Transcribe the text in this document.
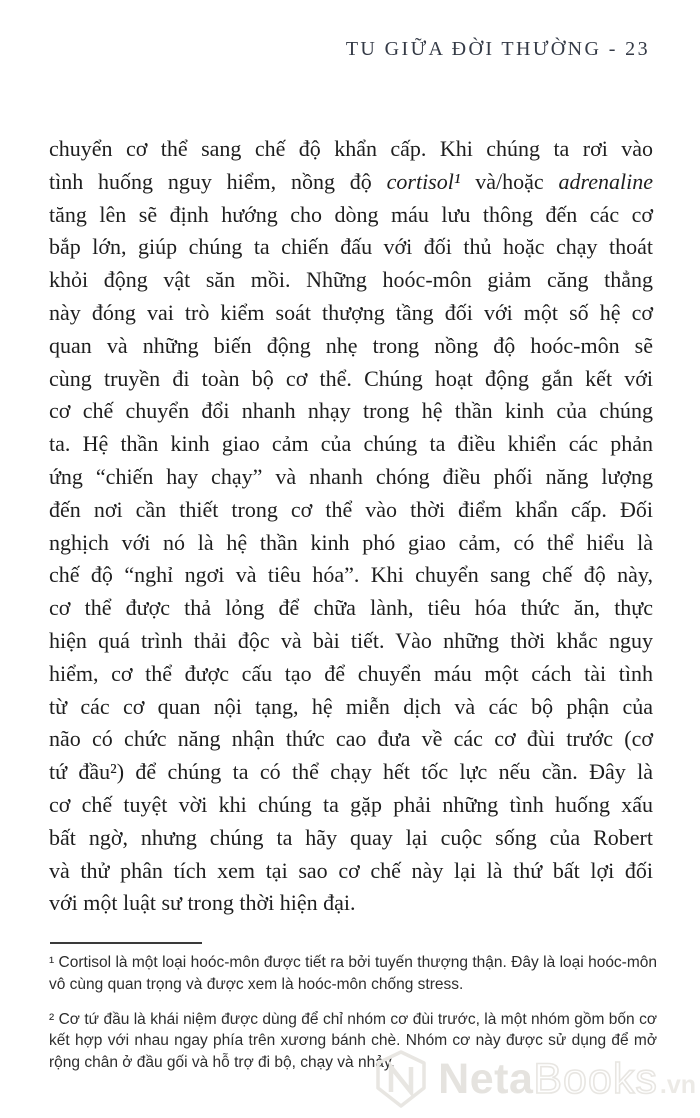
TU GIỮA ĐỜI THƯỜNG - 23
chuyển cơ thể sang chế độ khẩn cấp. Khi chúng ta rơi vào
tình huống nguy hiểm, nồng độ cortisol¹ và/hoặc adrenaline
tăng lên sẽ định hướng cho dòng máu lưu thông đến các cơ
bắp lớn, giúp chúng ta chiến đấu với đối thủ hoặc chạy thoát
khỏi động vật săn mồi. Những hoóc-môn giảm căng thẳng
này đóng vai trò kiểm soát thượng tầng đối với một số hệ cơ
quan và những biến động nhẹ trong nồng độ hoóc-môn sẽ
cùng truyền đi toàn bộ cơ thể. Chúng hoạt động gắn kết với
cơ chế chuyển đổi nhanh nhạy trong hệ thần kinh của chúng
ta. Hệ thần kinh giao cảm của chúng ta điều khiển các phản
ứng “chiến hay chạy” và nhanh chóng điều phối năng lượng
đến nơi cần thiết trong cơ thể vào thời điểm khẩn cấp. Đối
nghịch với nó là hệ thần kinh phó giao cảm, có thể hiểu là
chế độ “nghỉ ngơi và tiêu hóa”. Khi chuyển sang chế độ này,
cơ thể được thả lỏng để chữa lành, tiêu hóa thức ăn, thực
hiện quá trình thải độc và bài tiết. Vào những thời khắc nguy
hiểm, cơ thể được cấu tạo để chuyển máu một cách tài tình
từ các cơ quan nội tạng, hệ miễn dịch và các bộ phận của
não có chức năng nhận thức cao đưa về các cơ đùi trước (cơ
tứ đầu²) để chúng ta có thể chạy hết tốc lực nếu cần. Đây là
cơ chế tuyệt vời khi chúng ta gặp phải những tình huống xấu
bất ngờ, nhưng chúng ta hãy quay lại cuộc sống của Robert
và thử phân tích xem tại sao cơ chế này lại là thứ bất lợi đối
với một luật sư trong thời hiện đại.

¹ Cortisol là một loại hoóc-môn được tiết ra bởi tuyến thượng thận. Đây là loại hoóc-môn vô cùng quan trọng và được xem là hoóc-môn chống stress.

² Cơ tứ đầu là khái niệm được dùng để chỉ nhóm cơ đùi trước, là một nhóm gồm bốn cơ kết hợp với nhau ngay phía trên xương bánh chè. Nhóm cơ này được sử dụng để mở rộng chân ở đầu gối và hỗ trợ đi bộ, chạy và nhảy.	Neta Books .vn
